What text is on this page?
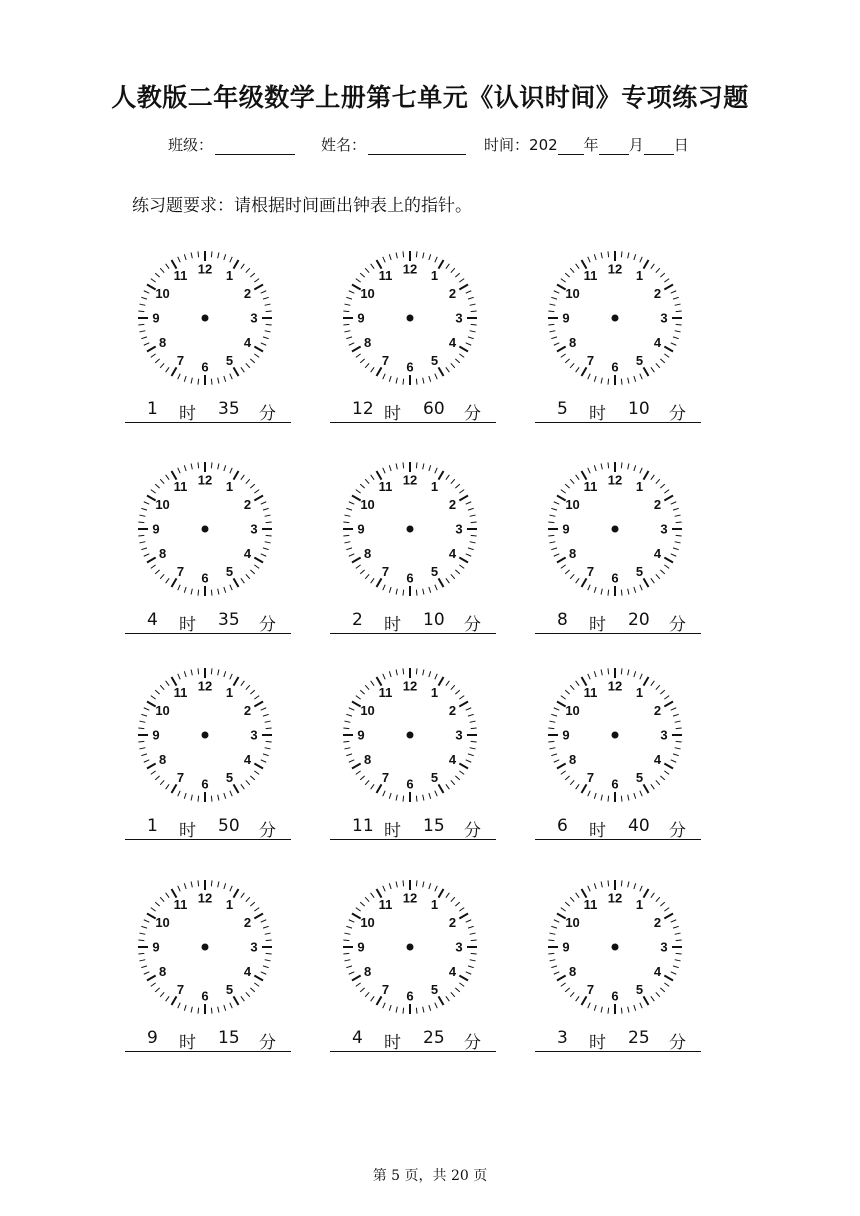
人教版二年级数学上册第七单元《认识时间》专项练习题
班级：	姓名：	时间：202 年 月 日
练习题要求：请根据时间画出钟表上的指针。
12 1
2
3
4
5
6
7
8
9
10
11
1 时 35 分
12 1
2
3
4
5
6
7
8
9
10
11
12 时 60 分
12 1
2
3
4
5
6
7
8
9
10
11
5 时 10 分
12 1
2
3
4
5
6
7
8
9
10
11
4 时 35 分
12 1
2
3
4
5
6
7
8
9
10
11
2 时 10 分
12 1
2
3
4
5
6
7
8
9
10
11
8 时 20 分
12 1
2
3
4
5
6
7
8
9
10
11
1 时 50 分
12 1
2
3
4
5
6
7
8
9
10
11
11 时 15 分
12 1
2
3
4
5
6
7
8
9
10
11
6 时 40 分
12 1
2
3
4
5
6
7
8
9
10
11
9 时 15 分
12 1
2
3
4
5
6
7
8
9
10
11
4 时 25 分
12 1
2
3
4
5
6
7
8
9
10
11
3 时 25 分
第 5 页，共 20 页
